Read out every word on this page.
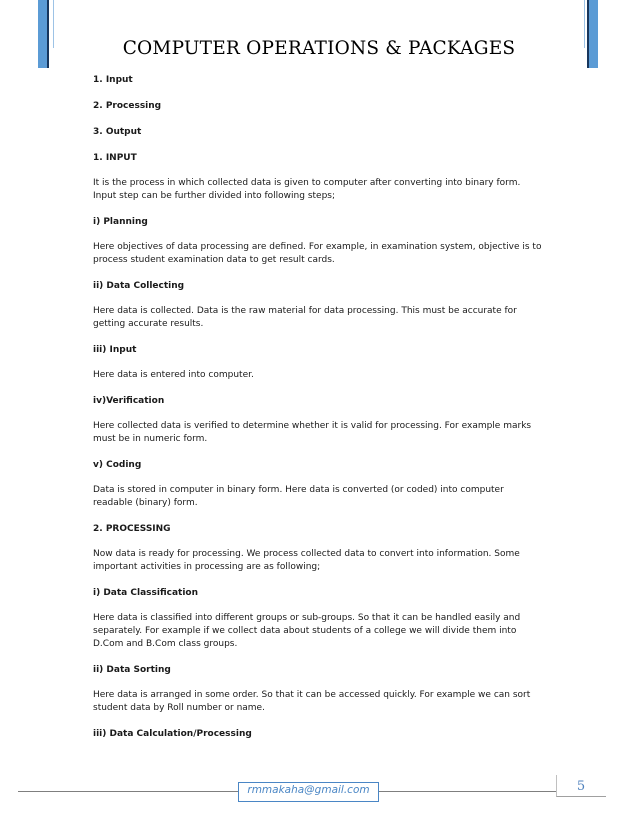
COMPUTER OPERATIONS & PACKAGES

1. Input

2. Processing

3. Output

1. INPUT

It is the process in which collected data is given to computer after converting into binary form.
Input step can be further divided into following steps;

i) Planning

Here objectives of data processing are defined. For example, in examination system, objective is to
process student examination data to get result cards.

ii) Data Collecting

Here data is collected. Data is the raw material for data processing. This must be accurate for
getting accurate results.

iii) Input

Here data is entered into computer.

iv)Verification

Here collected data is verified to determine whether it is valid for processing. For example marks
must be in numeric form.

v) Coding

Data is stored in computer in binary form. Here data is converted (or coded) into computer
readable (binary) form.

2. PROCESSING

Now data is ready for processing. We process collected data to convert into information. Some
important activities in processing are as following;

i) Data Classification

Here data is classified into different groups or sub-groups. So that it can be handled easily and
separately. For example if we collect data about students of a college we will divide them into
D.Com and B.Com class groups.

ii) Data Sorting

Here data is arranged in some order. So that it can be accessed quickly. For example we can sort
student data by Roll number or name.

iii) Data Calculation/Processing

rmmakaha@gmail.com	5
